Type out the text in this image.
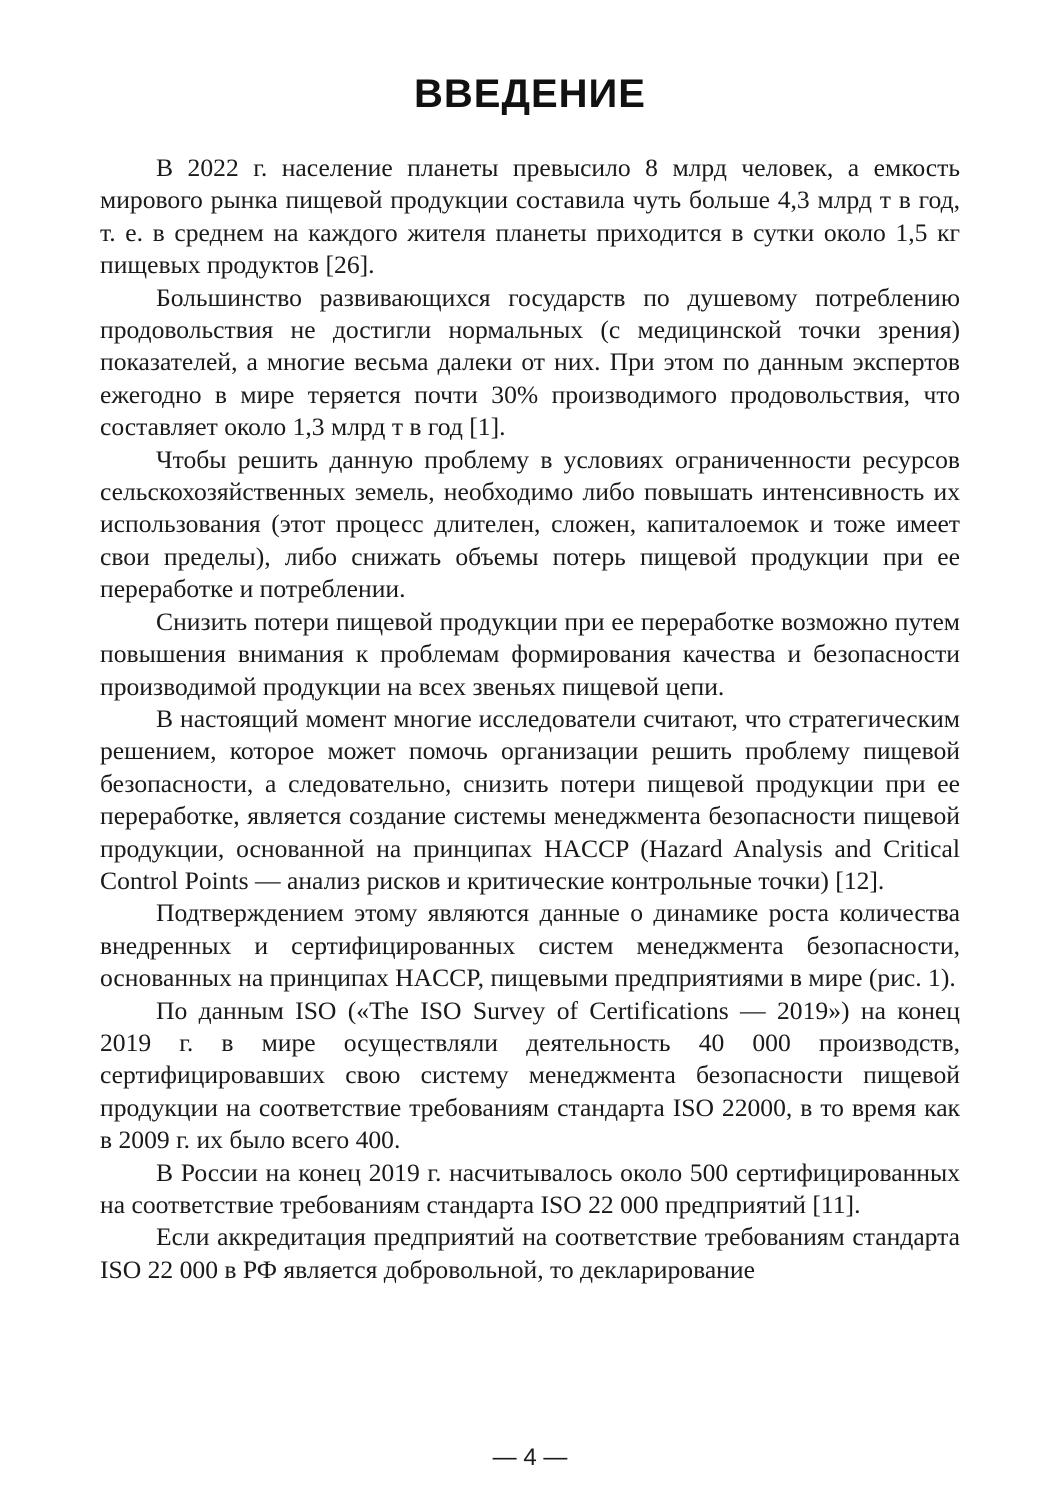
ВВЕДЕНИЕ

В 2022 г. население планеты превысило 8 млрд человек, а емкость мирового рынка пищевой продукции составила чуть больше 4,3 млрд т в год, т. е. в среднем на каждого жителя планеты приходится в сутки около 1,5 кг пищевых продуктов [26].

Большинство развивающихся государств по душевому потреблению продовольствия не достигли нормальных (с медицинской точки зрения) показателей, а многие весьма далеки от них. При этом по данным экспертов ежегодно в мире теряется почти 30% производимого продовольствия, что составляет около 1,3 млрд т в год [1].

Чтобы решить данную проблему в условиях ограниченности ресурсов сельскохозяйственных земель, необходимо либо повышать интенсивность их использования (этот процесс длителен, сложен, капиталоемок и тоже имеет свои пределы), либо снижать объемы потерь пищевой продукции при ее переработке и потреблении.

Снизить потери пищевой продукции при ее переработке возможно путем повышения внимания к проблемам формирования качества и безопасности производимой продукции на всех звеньях пищевой цепи.

В настоящий момент многие исследователи считают, что стратегическим решением, которое может помочь организации решить проблему пищевой безопасности, а следовательно, снизить потери пищевой продукции при ее переработке, является создание системы менеджмента безопасности пищевой продукции, основанной на принципах HACCP (Hazard Analysis and Critical Control Points — анализ рисков и критические контрольные точки) [12].

Подтверждением этому являются данные о динамике роста количества внедренных и сертифицированных систем менеджмента безопасности, основанных на принципах HACCP, пищевыми предприятиями в мире (рис. 1).

По данным ISO («The ISO Survey of Certifications — 2019») на конец 2019 г. в мире осуществляли деятельность 40 000 производств, сертифицировавших свою систему менеджмента безопасности пищевой продукции на соответствие требованиям стандарта ISO 22000, в то время как в 2009 г. их было всего 400.

В России на конец 2019 г. насчитывалось около 500 сертифицированных на соответствие требованиям стандарта ISO 22 000 предприятий [11].

Если аккредитация предприятий на соответствие требованиям стандарта ISO 22 000 в РФ является добровольной, то декларирование

— 4 —
